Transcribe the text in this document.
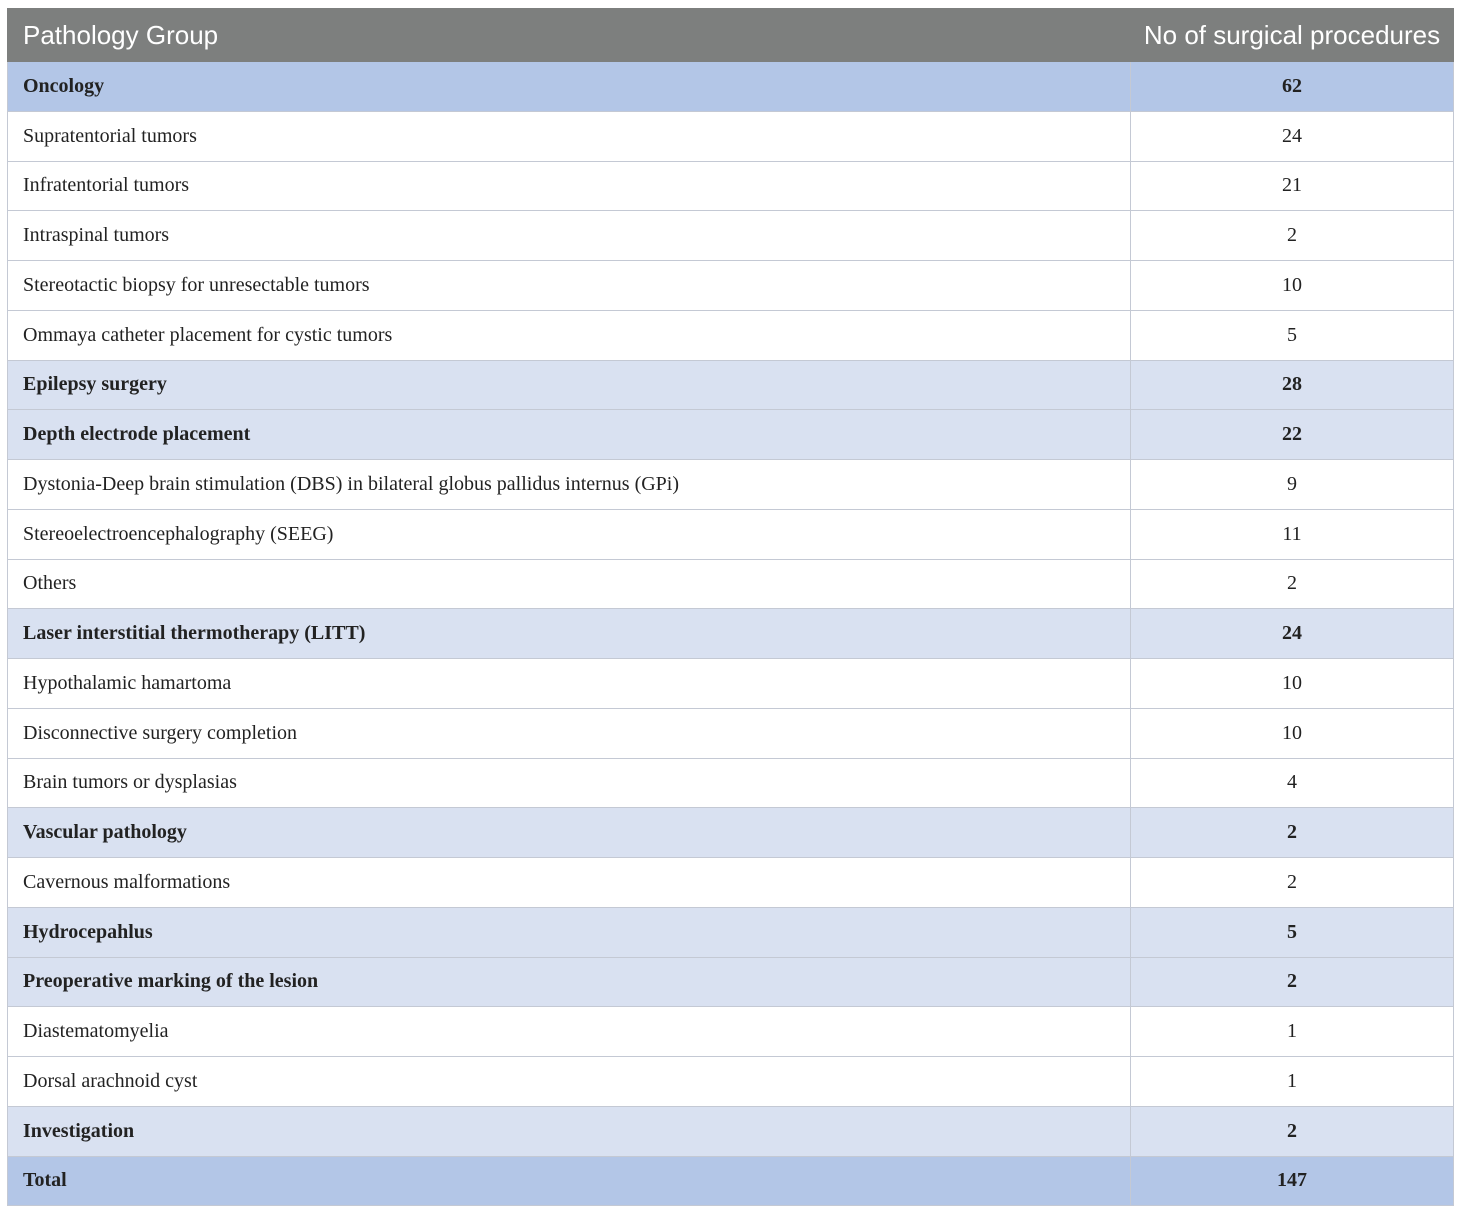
Pathology Group	No of surgical procedures
Oncology	62
Supratentorial tumors	24
Infratentorial tumors	21
Intraspinal tumors	2
Stereotactic biopsy for unresectable tumors	10
Ommaya catheter placement for cystic tumors	5
Epilepsy surgery	28
Depth electrode placement	22
Dystonia-Deep brain stimulation (DBS) in bilateral globus pallidus internus (GPi)	9
Stereoelectroencephalography (SEEG)	11
Others	2
Laser interstitial thermotherapy (LITT)	24
Hypothalamic hamartoma	10
Disconnective surgery completion	10
Brain tumors or dysplasias	4
Vascular pathology	2
Cavernous malformations	2
Hydrocepahlus	5
Preoperative marking of the lesion	2
Diastematomyelia	1
Dorsal arachnoid cyst	1
Investigation	2
Total	147
